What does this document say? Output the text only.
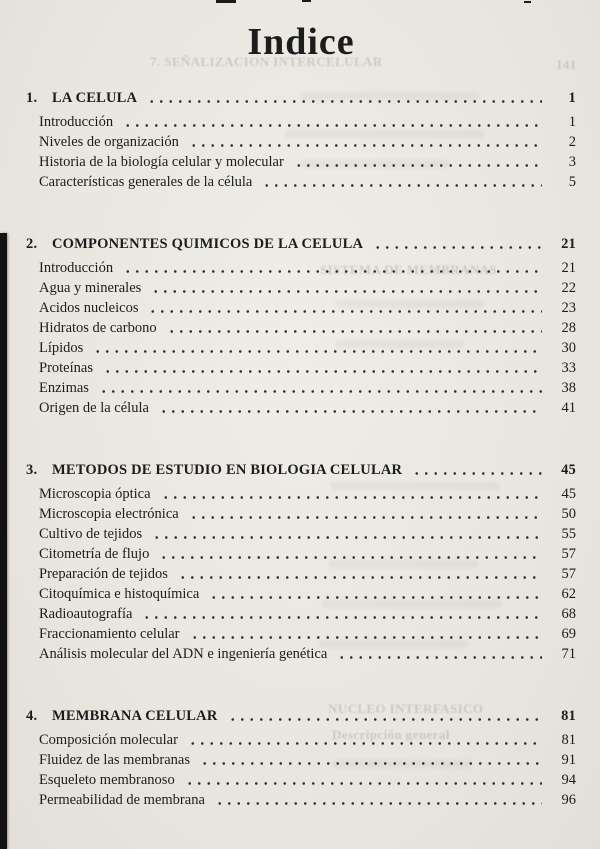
7. SEÑALIZACION INTERCELULAR	141
NUCLEO INTERFASICO
Descripción general
Indice
1.	LA CELULA	1
Introducción	1
Niveles de organización	2
Historia de la biología celular y molecular	3
Características generales de la célula	5
2.	COMPONENTES QUIMICOS DE LA CELULA	21
Introducción	21
Agua y minerales	22
Acidos nucleicos	23
Hidratos de carbono	28
Lípidos	30
Proteínas	33
Enzimas	38
Origen de la célula	41
3.	METODOS DE ESTUDIO EN BIOLOGIA CELULAR	45
Microscopia óptica	45
Microscopia electrónica	50
Cultivo de tejidos	55
Citometría de flujo	57
Preparación de tejidos	57
Citoquímica e histoquímica	62
Radioautografía	68
Fraccionamiento celular	69
Análisis molecular del ADN e ingeniería genética	71
4.	MEMBRANA CELULAR	81
Composición molecular	81
Fluidez de las membranas	91
Esqueleto membranoso	94
Permeabilidad de membrana	96
